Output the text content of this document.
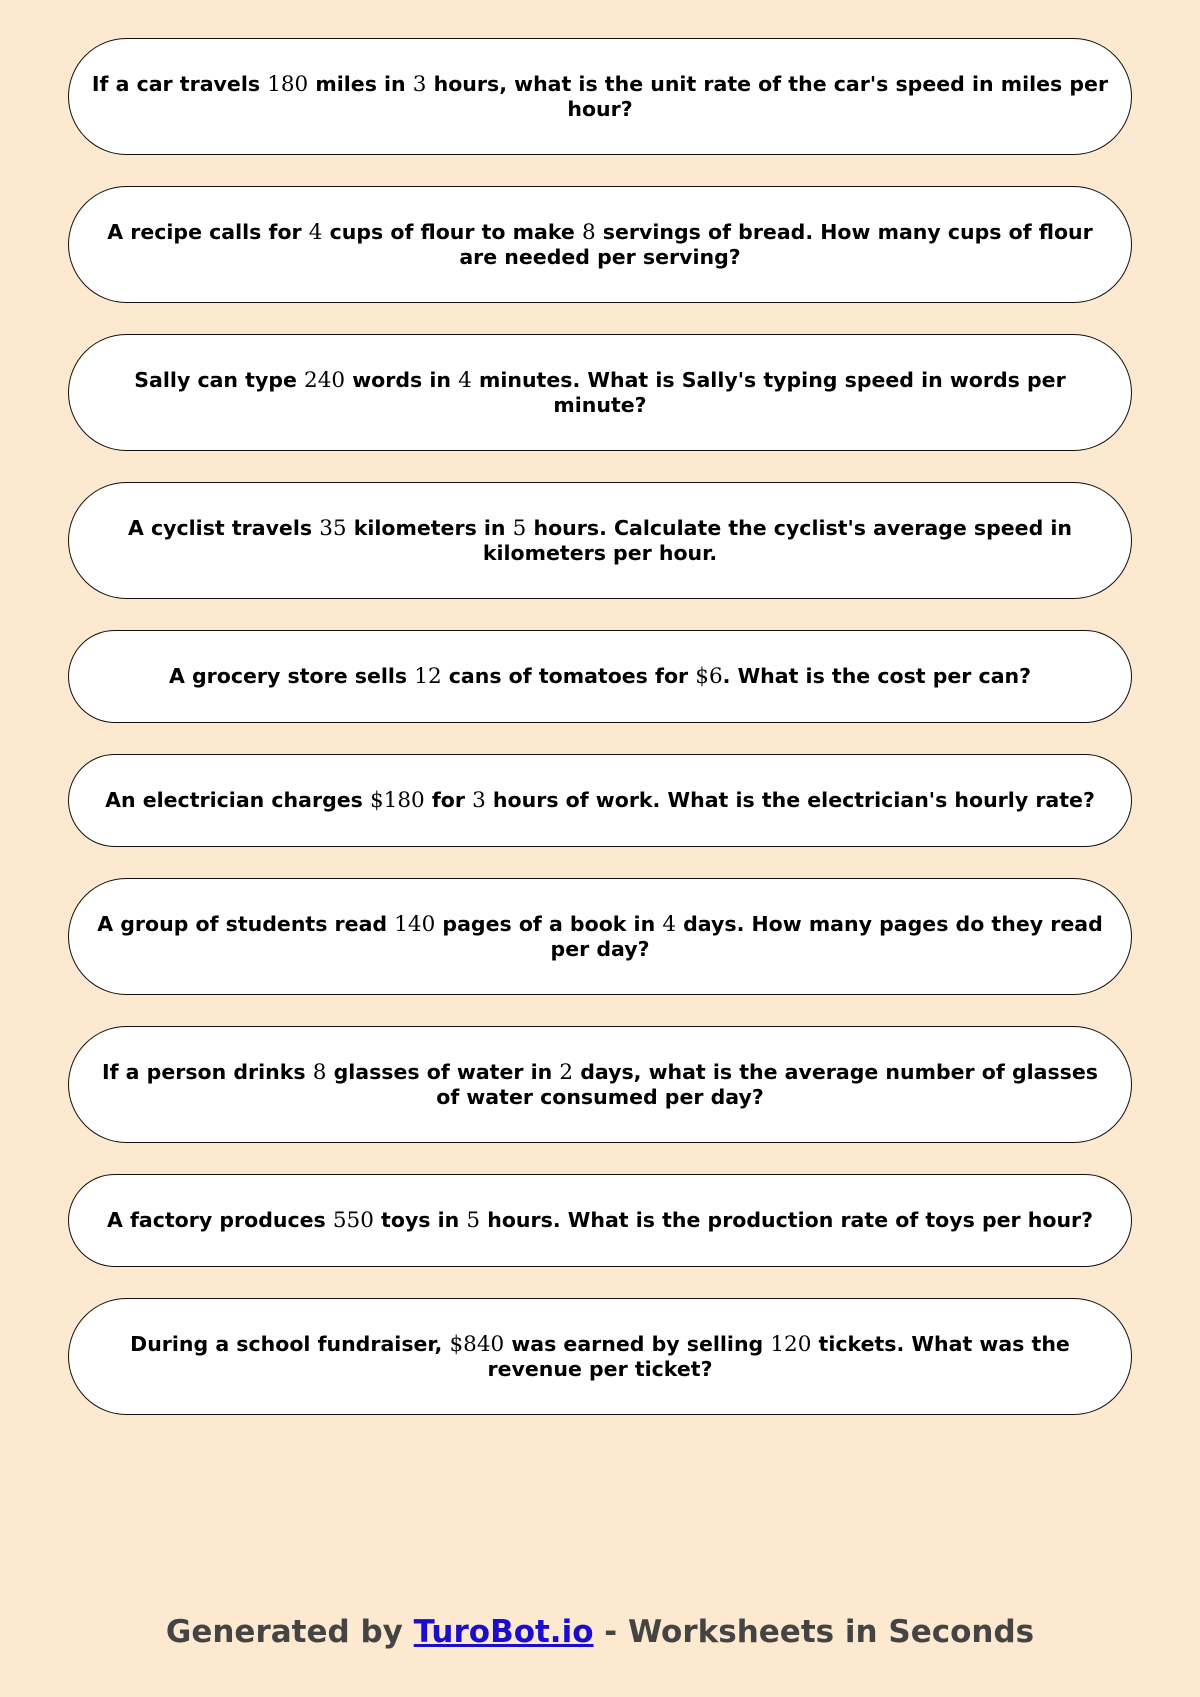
If a car travels 180 miles in 3 hours, what is the unit rate of the car's speed in miles per hour?
A recipe calls for 4 cups of flour to make 8 servings of bread. How many cups of flour are needed per serving?
Sally can type 240 words in 4 minutes. What is Sally's typing speed in words per minute?
A cyclist travels 35 kilometers in 5 hours. Calculate the cyclist's average speed in kilometers per hour.
A grocery store sells 12 cans of tomatoes for $6. What is the cost per can?
An electrician charges $180 for 3 hours of work. What is the electrician's hourly rate?
A group of students read 140 pages of a book in 4 days. How many pages do they read per day?
If a person drinks 8 glasses of water in 2 days, what is the average number of glasses of water consumed per day?
A factory produces 550 toys in 5 hours. What is the production rate of toys per hour?
During a school fundraiser, $840 was earned by selling 120 tickets. What was the revenue per ticket?
Generated by TuroBot.io - Worksheets in Seconds
